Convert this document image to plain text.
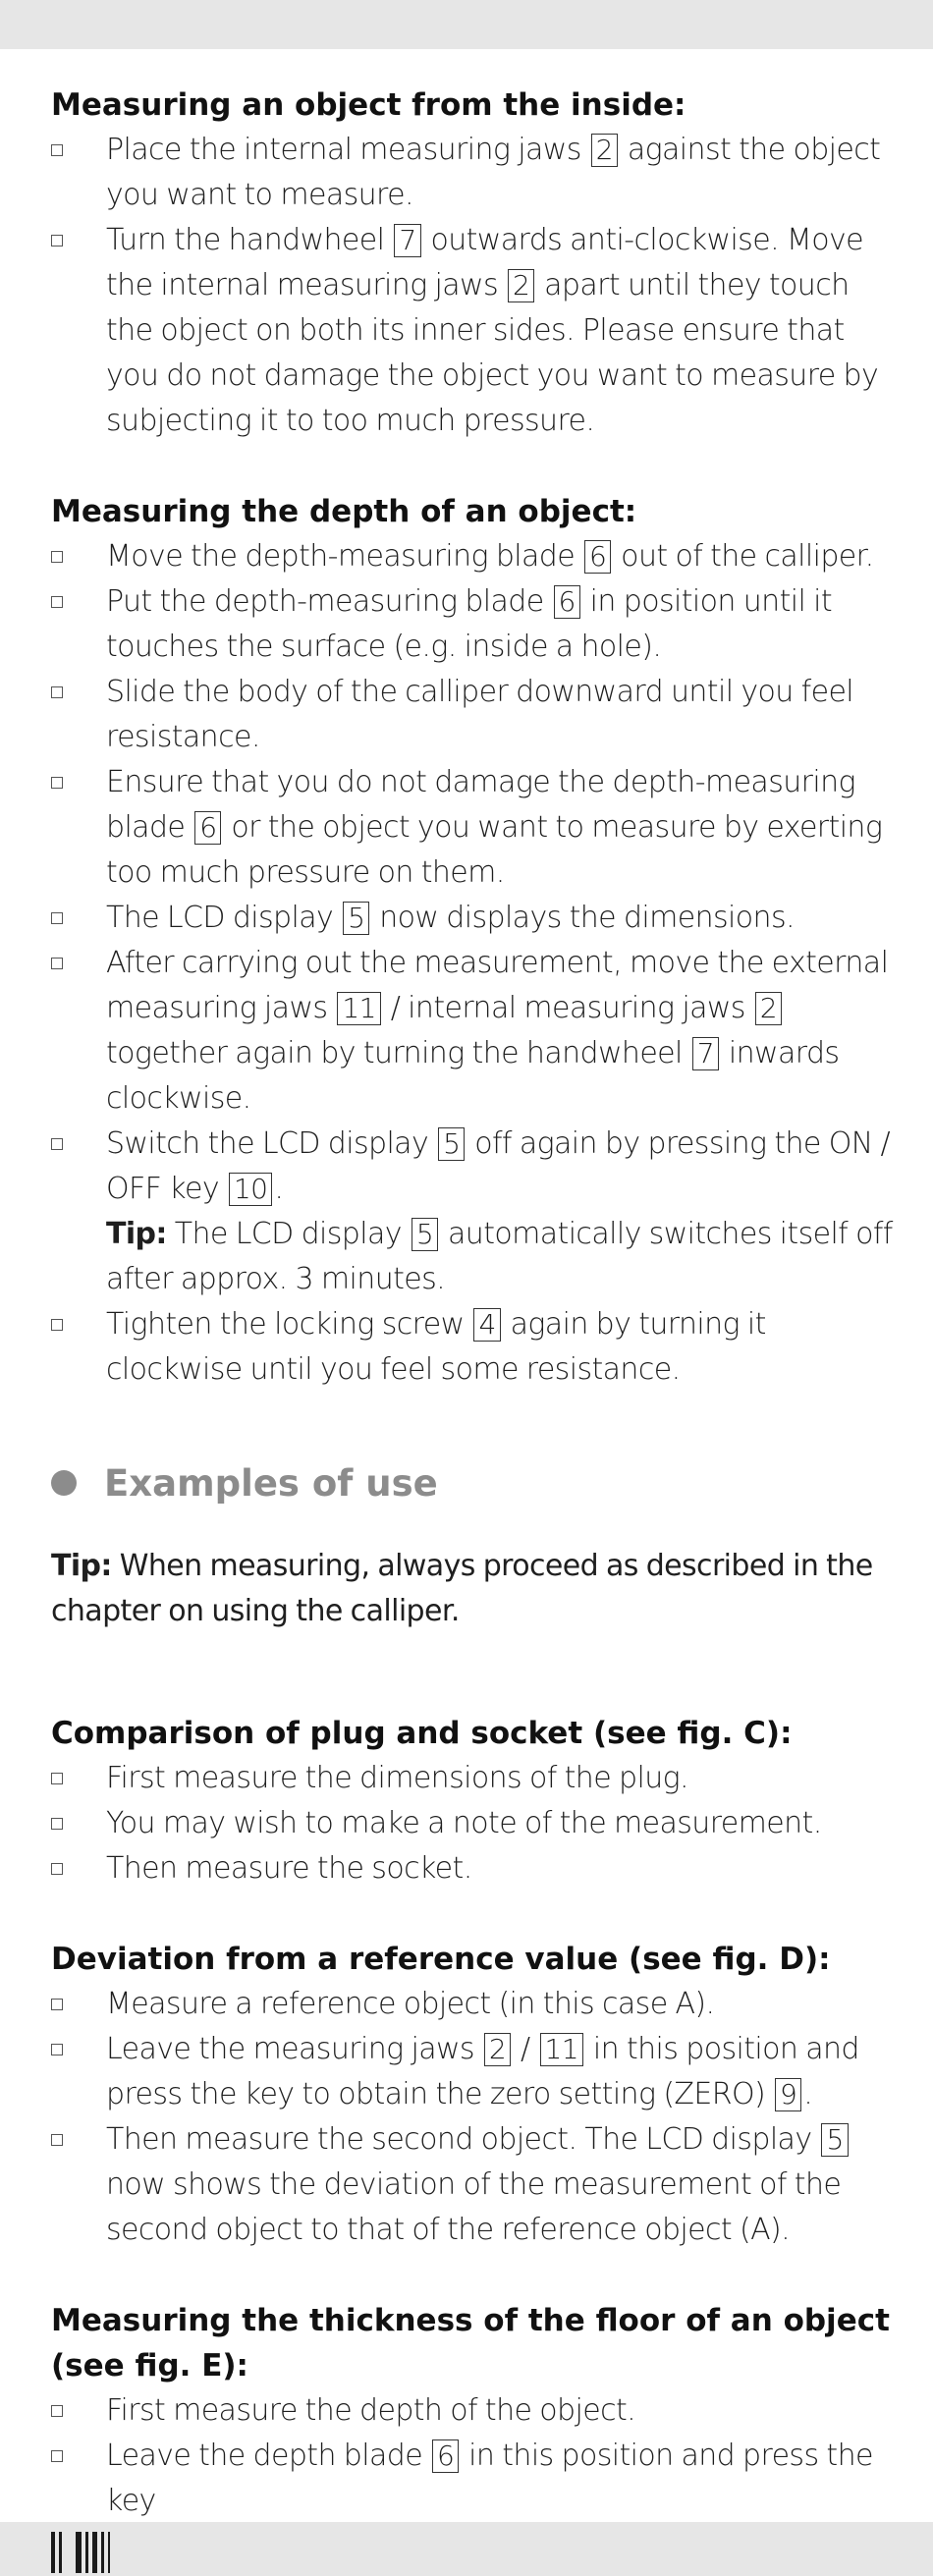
Measuring an object from the inside:
Place the internal measuring jaws 2 against the object you want to measure.
Turn the handwheel 7 outwards anti-clockwise. Move the internal measuring jaws 2 apart until they touch the object on both its inner sides. Please ensure that you do not damage the object you want to measure by subjecting it to too much pressure.
Measuring the depth of an object:
Move the depth-measuring blade 6 out of the calliper.
Put the depth-measuring blade 6 in position until it touches the surface (e.g. inside a hole).
Slide the body of the calliper downward until you feel resistance.
Ensure that you do not damage the depth-measuring blade 6 or the object you want to measure by exerting too much pressure on them.
The LCD display 5 now displays the dimensions.
After carrying out the measurement, move the external measuring jaws 11 / internal measuring jaws 2 together again by turning the handwheel 7 inwards clockwise.
Switch the LCD display 5 off again by pressing the ON / OFF key 10 .
Tip: The LCD display 5 automatically switches itself off after approx. 3 minutes.
Tighten the locking screw 4 again by turning it clockwise until you feel some resistance.
Examples of use

Tip: When measuring, always proceed as described in the chapter on using the calliper.

Comparison of plug and socket (see fig. C):
First measure the dimensions of the plug.
You may wish to make a note of the measurement.
Then measure the socket.
Deviation from a reference value (see fig. D):
Measure a reference object (in this case A).
Leave the measuring jaws 2 / 11 in this position and press the key to obtain the zero setting (ZERO) 9 .
Then measure the second object. The LCD display 5 now shows the deviation of the measurement of the second object to that of the reference object (A).
Measuring the thickness of the floor of an object (see fig. E):
First measure the depth of the object.
Leave the depth blade 6 in this position and press the key
